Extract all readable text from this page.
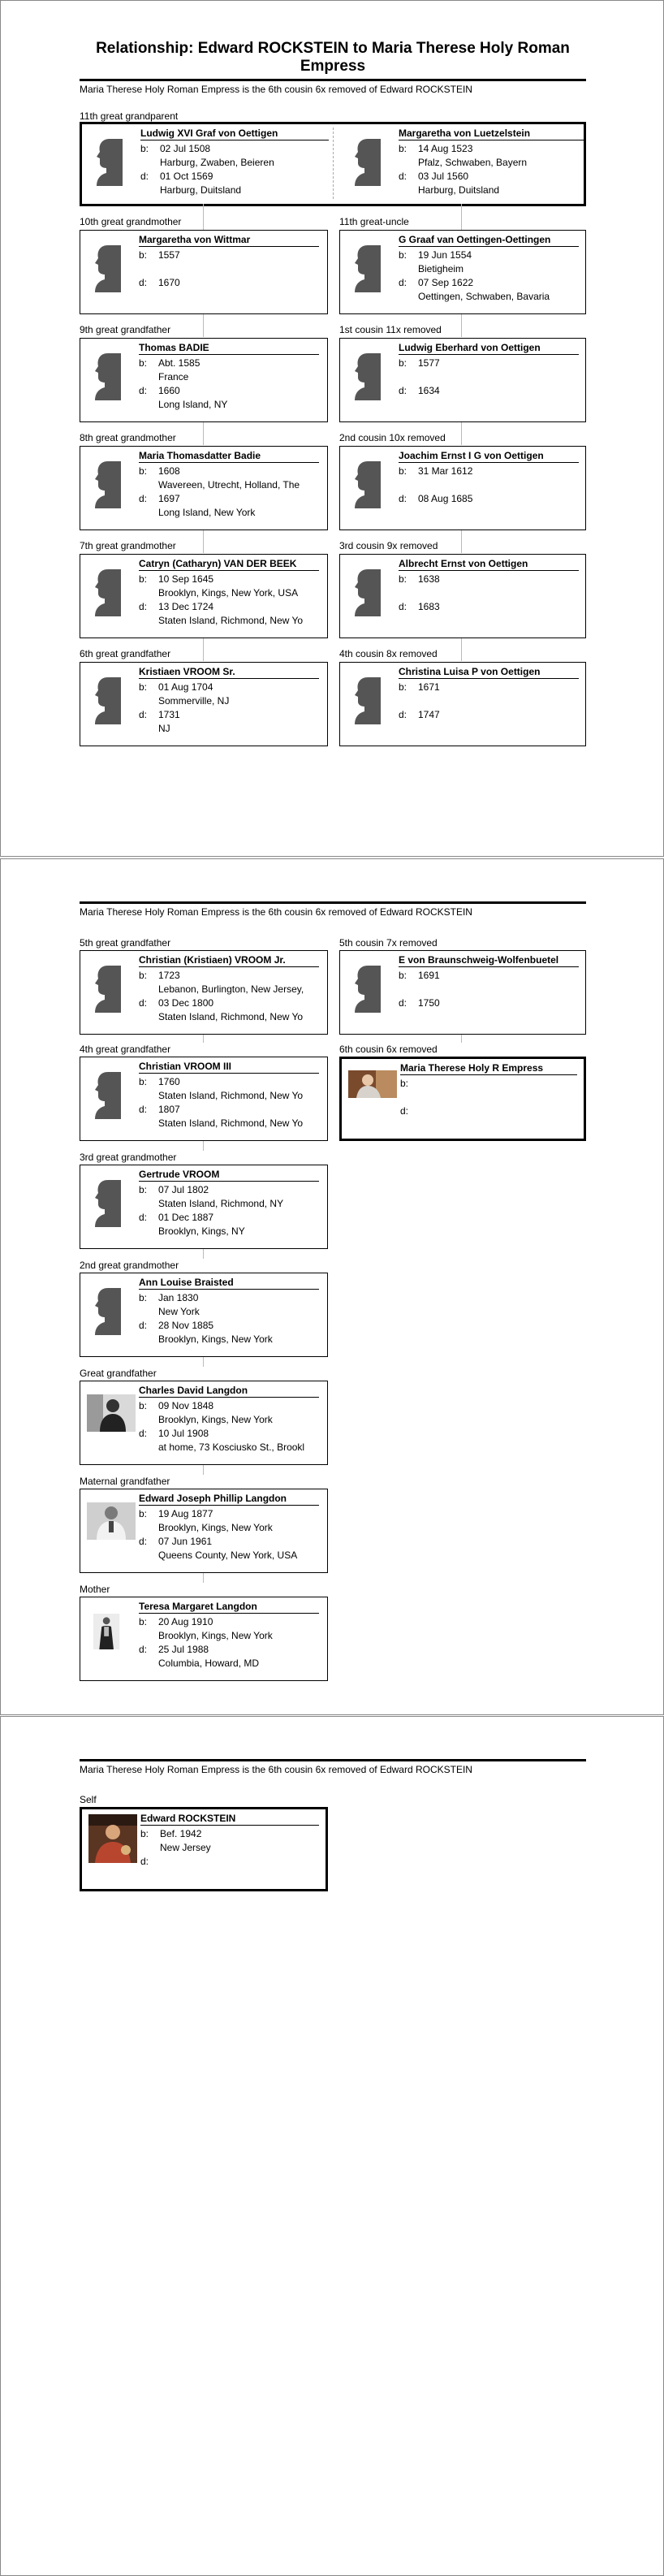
Relationship: Edward ROCKSTEIN to Maria Therese Holy Roman Empress
Maria Therese Holy Roman Empress is the 6th cousin 6x removed of Edward ROCKSTEIN
11th great grandparent
Ludwig XVI Graf von Oettigen
b: 02 Jul 1508
Harburg, Zwaben, Beieren
d: 01 Oct 1569
Harburg, Duitsland
Margaretha von Luetzelstein
b: 14 Aug 1523
Pfalz, Schwaben, Bayern
d: 03 Jul 1560
Harburg, Duitsland
10th great grandmother
Margaretha von Wittmar
b: 1557
d: 1670
9th great grandfather
Thomas BADIE
b: Abt. 1585
France
d: 1660
Long Island, NY
8th great grandmother
Maria Thomasdatter Badie
b: 1608
Wavereen, Utrecht, Holland, The
d: 1697
Long Island, New York
7th great grandmother
Catryn (Catharyn) VAN DER BEEK
b: 10 Sep 1645
Brooklyn, Kings, New York, USA
d: 13 Dec 1724
Staten Island, Richmond, New Yo
6th great grandfather
Kristiaen VROOM Sr.
b: 01 Aug 1704
Sommerville, NJ
d: 1731
NJ
11th great-uncle
G Graaf van Oettingen-Oettingen
b: 19 Jun 1554
Bietigheim
d: 07 Sep 1622
Oettingen, Schwaben, Bavaria
1st cousin 11x removed
Ludwig Eberhard von Oettigen
b: 1577
d: 1634
2nd cousin 10x removed
Joachim Ernst I G von Oettigen
b: 31 Mar 1612
d: 08 Aug 1685
3rd cousin 9x removed
Albrecht Ernst von Oettigen
b: 1638
d: 1683
4th cousin 8x removed
Christina Luisa P von Oettigen
b: 1671
d: 1747
Maria Therese Holy Roman Empress is the 6th cousin 6x removed of Edward ROCKSTEIN
5th great grandfather
Christian (Kristiaen) VROOM Jr.
b: 1723
Lebanon, Burlington, New Jersey,
d: 03 Dec 1800
Staten Island, Richmond, New Yo
4th great grandfather
Christian VROOM III
b: 1760
Staten Island, Richmond, New Yo
d: 1807
Staten Island, Richmond, New Yo
3rd great grandmother
Gertrude VROOM
b: 07 Jul 1802
Staten Island, Richmond, NY
d: 01 Dec 1887
Brooklyn, Kings, NY
2nd great grandmother
Ann Louise Braisted
b: Jan 1830
New York
d: 28 Nov 1885
Brooklyn, Kings, New York
Great grandfather
Charles David Langdon
b: 09 Nov 1848
Brooklyn, Kings, New York
d: 10 Jul 1908
at home, 73 Kosciusko St., Brookl
Maternal grandfather
Edward Joseph Phillip Langdon
b: 19 Aug 1877
Brooklyn, Kings, New York
d: 07 Jun 1961
Queens County, New York, USA
Mother
Teresa Margaret Langdon
b: 20 Aug 1910
Brooklyn, Kings, New York
d: 25 Jul 1988
Columbia, Howard, MD
5th cousin 7x removed
E von Braunschweig-Wolfenbuetel
b: 1691
d: 1750
6th cousin 6x removed
Maria Therese Holy R Empress
b:
d:
Maria Therese Holy Roman Empress is the 6th cousin 6x removed of Edward ROCKSTEIN
Self
Edward ROCKSTEIN
b: Bef. 1942
New Jersey
d:
